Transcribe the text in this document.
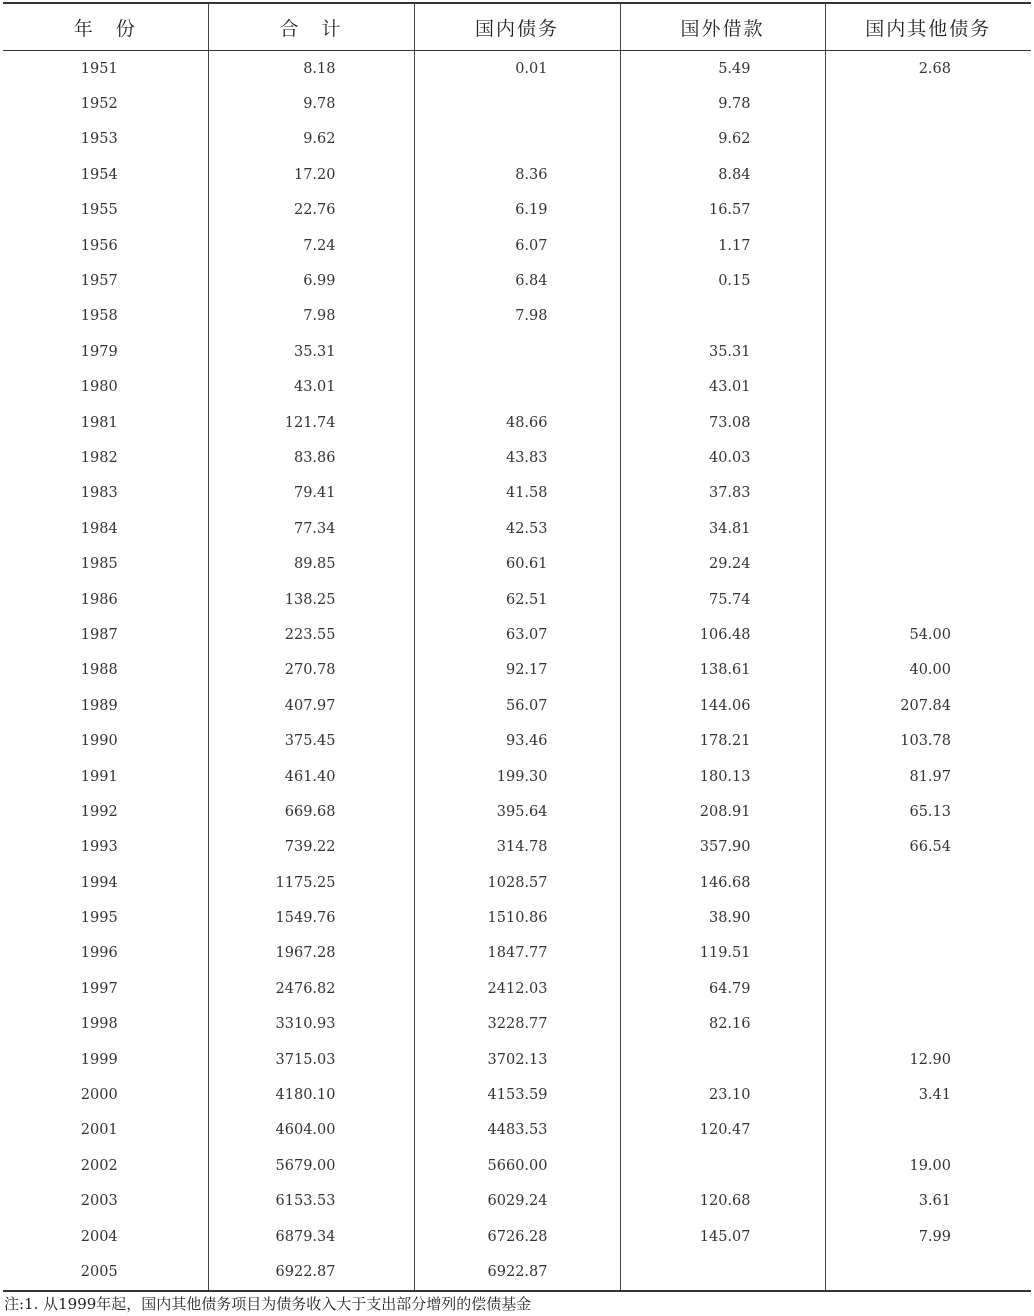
年　份	合　计	国内债务	国外借款	国内其他债务
1951	8.18	0.01	5.49	2.68
1952	9.78		9.78	
1953	9.62		9.62	
1954	17.20	8.36	8.84	
1955	22.76	6.19	16.57	
1956	7.24	6.07	1.17	
1957	6.99	6.84	0.15	
1958	7.98	7.98		
1979	35.31		35.31	
1980	43.01		43.01	
1981	121.74	48.66	73.08	
1982	83.86	43.83	40.03	
1983	79.41	41.58	37.83	
1984	77.34	42.53	34.81	
1985	89.85	60.61	29.24	
1986	138.25	62.51	75.74	
1987	223.55	63.07	106.48	54.00
1988	270.78	92.17	138.61	40.00
1989	407.97	56.07	144.06	207.84
1990	375.45	93.46	178.21	103.78
1991	461.40	199.30	180.13	81.97
1992	669.68	395.64	208.91	65.13
1993	739.22	314.78	357.90	66.54
1994	1175.25	1028.57	146.68	
1995	1549.76	1510.86	38.90	
1996	1967.28	1847.77	119.51	
1997	2476.82	2412.03	64.79	
1998	3310.93	3228.77	82.16	
1999	3715.03	3702.13		12.90
2000	4180.10	4153.59	23.10	3.41
2001	4604.00	4483.53	120.47	
2002	5679.00	5660.00		19.00
2003	6153.53	6029.24	120.68	3.61
2004	6879.34	6726.28	145.07	7.99
2005	6922.87	6922.87		
注:1. 从1999年起，国内其他债务项目为债务收入大于支出部分增列的偿债基金
